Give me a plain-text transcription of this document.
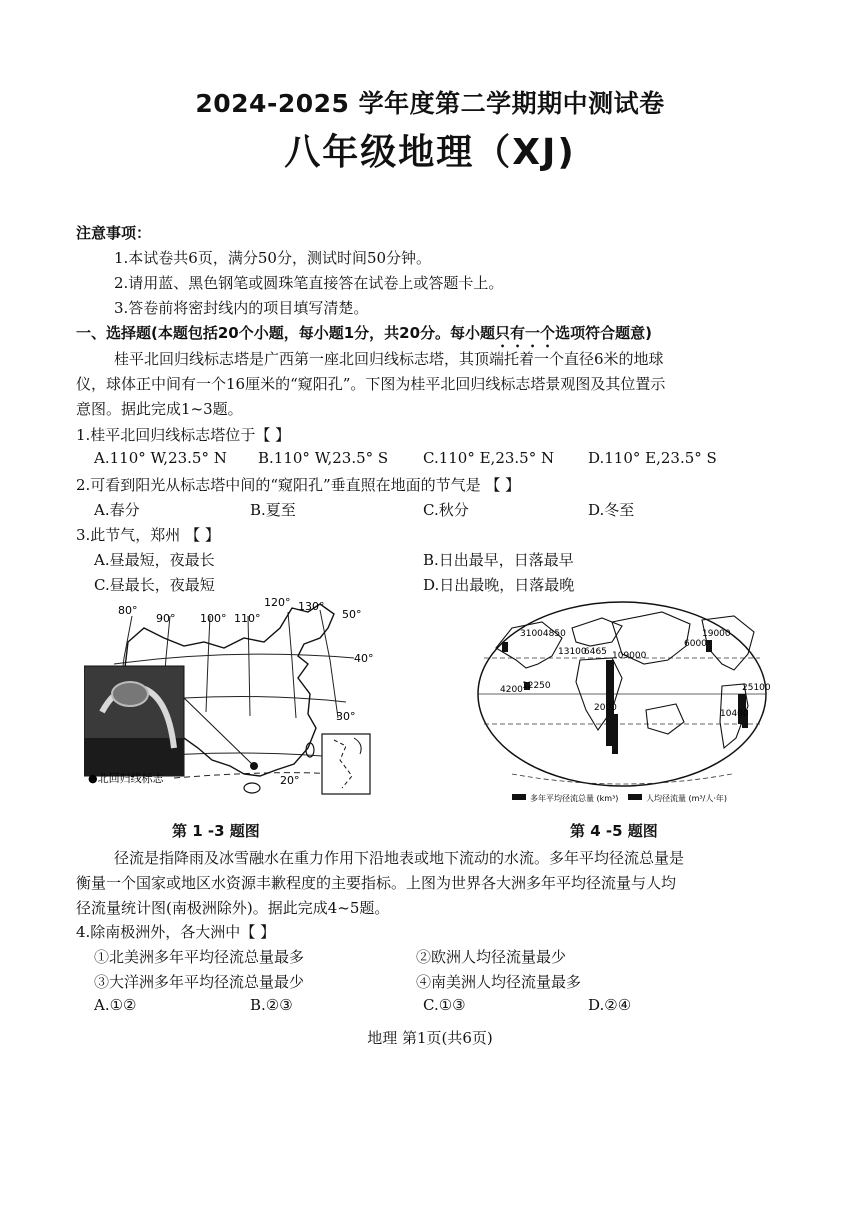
2024-2025 学年度第二学期期中测试卷
八年级地理（XJ)
注意事项：
1.本试卷共6页，满分50分，测试时间50分钟。
2.请用蓝、黑色钢笔或圆珠笔直接答在试卷上或答题卡上。
3.答卷前将密封线内的项目填写清楚。
一、选择题(本题包括20个小题，每小题1分，共20分。每小题只有一个选项符合题意)
桂平北回归线标志塔是广西第一座北回归线标志塔，其顶端托着一个直径6米的地球
仪，球体正中间有一个16厘米的“窥阳孔”。下图为桂平北回归线标志塔景观图及其位置示
意图。据此完成1~3题。
1.桂平北回归线标志塔位于【 】
A.110° W,23.5° N B.110° W,23.5° S C.110° E,23.5° N D.110° E,23.5° S
2.可看到阳光从标志塔中间的“窥阳孔”垂直照在地面的节气是 【 】
A.春分	B.夏至	C.秋分	D.冬至
3.此节气，郑州 【 】
A.昼最短，夜最长	B.日出最早，日落最早
C.昼最长，夜最短	D.日出最晚，日落最晚
80°
90° 100° 110°
120° 130°
50°
40°
30°
20°
●北回归线标志
第 1 -3 题图
31004850
13100
6465 109000
19000
6000
4200 12250	25100
2000
10400
多年平均径流总量 (km³)	人均径流量 (m³/人·年)
第 4 -5 题图
径流是指降雨及冰雪融水在重力作用下沿地表或地下流动的水流。多年平均径流总量是
衡量一个国家或地区水资源丰歉程度的主要指标。上图为世界各大洲多年平均径流量与人均
径流量统计图(南极洲除外)。据此完成4~5题。
4.除南极洲外，各大洲中【 】
①北美洲多年平均径流总量最多	②欧洲人均径流量最少
③大洋洲多年平均径流总量最少	④南美洲人均径流量最多
A.①②	B.②③	C.①③	D.②④
地理 第1页(共6页)
